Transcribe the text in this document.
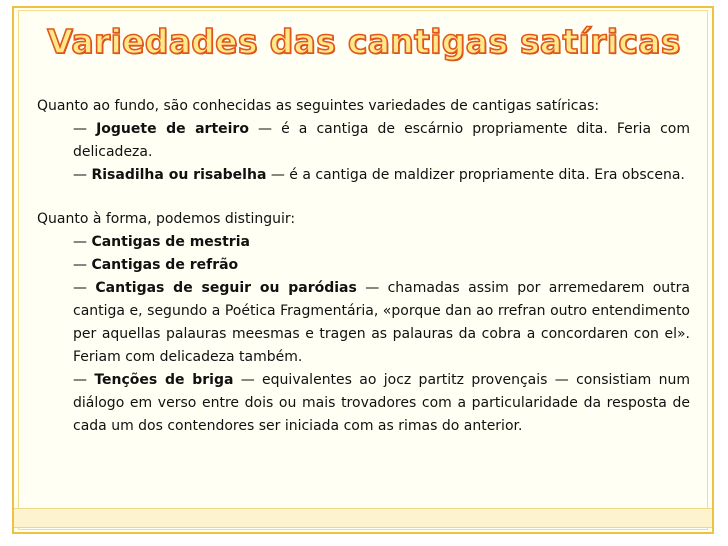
Variedades das cantigas satíricas

Quanto ao fundo, são conhecidas as seguintes variedades de cantigas satíricas:

— Joguete de arteiro — é a cantiga de escárnio propriamente dita. Feria com delicadeza.

— Risadilha ou risabelha — é a cantiga de maldizer propriamente dita. Era obscena.

Quanto à forma, podemos distinguir:

— Cantigas de mestria

— Cantigas de refrão

— Cantigas de seguir ou paródias — chamadas assim por arremedarem outra cantiga e, segundo a Poética Fragmentária, «porque dan ao rrefran outro entendimento per aquellas palauras meesmas e tragen as palauras da cobra a concordaren con el». Feriam com delicadeza também.

— Tenções de briga — equivalentes ao jocz partitz provençais — consistiam num diálogo em verso entre dois ou mais trovadores com a particularidade da resposta de cada um dos contendores ser iniciada com as rimas do anterior.
